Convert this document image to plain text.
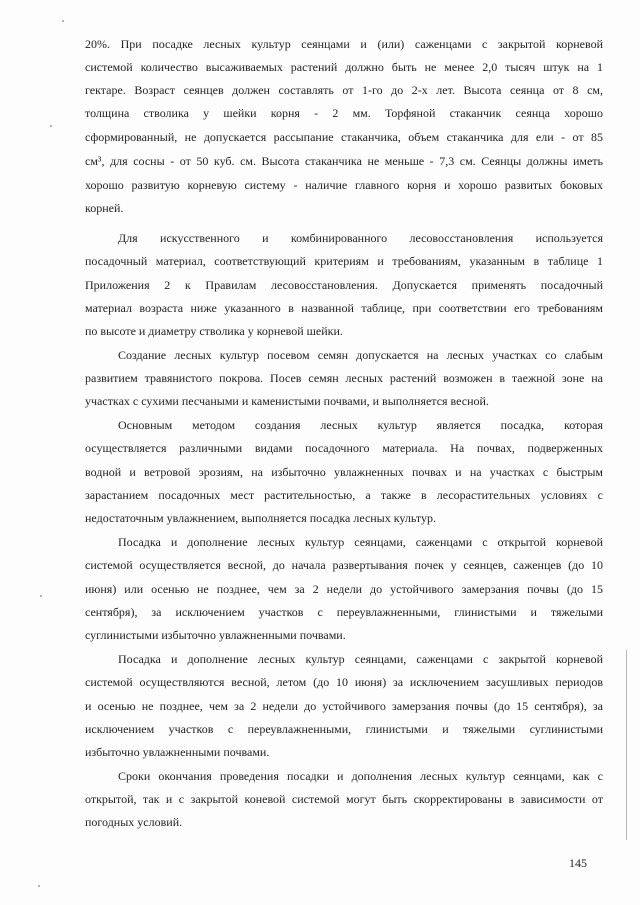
20%. При посадке лесных культур сеянцами и (или) саженцами с закрытой корневой
системой количество высаживаемых растений должно быть не менее 2,0 тысяч штук на 1
гектаре. Возраст сеянцев должен составлять от 1-го до 2-х лет. Высота сеянца от 8 см,
толщина стволика у шейки корня - 2 мм. Торфяной стаканчик сеянца хорошо
сформированный, не допускается рассыпание стаканчика, объем стаканчика для ели - от 85
см³, для сосны - от 50 куб. см. Высота стаканчика не меньше - 7,3 см. Сеянцы должны иметь
хорошо развитую корневую систему - наличие главного корня и хорошо развитых боковых
корней.
Для искусственного и комбинированного лесовосстановления используется
посадочный материал, соответствующий критериям и требованиям, указанным в таблице 1
Приложения 2 к Правилам лесовосстановления. Допускается применять посадочный
материал возраста ниже указанного в названной таблице, при соответствии его требованиям
по высоте и диаметру стволика у корневой шейки.
Создание лесных культур посевом семян допускается на лесных участках со слабым
развитием травянистого покрова. Посев семян лесных растений возможен в таежной зоне на
участках с сухими песчаными и каменистыми почвами, и выполняется весной.
Основным методом создания лесных культур является посадка, которая
осуществляется различными видами посадочного материала. На почвах, подверженных
водной и ветровой эрозиям, на избыточно увлажненных почвах и на участках с быстрым
зарастанием посадочных мест растительностью, а также в лесорастительных условиях с
недостаточным увлажнением, выполняется посадка лесных культур.
Посадка и дополнение лесных культур сеянцами, саженцами с открытой корневой
системой осуществляется весной, до начала развертывания почек у сеянцев, саженцев (до 10
июня) или осенью не позднее, чем за 2 недели до устойчивого замерзания почвы (до 15
сентября), за исключением участков с переувлажненными, глинистыми и тяжелыми
суглинистыми избыточно увлажненными почвами.
Посадка и дополнение лесных культур сеянцами, саженцами с закрытой корневой
системой осуществляются весной, летом (до 10 июня) за исключением засушливых периодов
и осенью не позднее, чем за 2 недели до устойчивого замерзания почвы (до 15 сентября), за
исключением участков с переувлажненными, глинистыми и тяжелыми суглинистыми
избыточно увлажненными почвами.
Сроки окончания проведения посадки и дополнения лесных культур сеянцами, как с
открытой, так и с закрытой коневой системой могут быть скорректированы в зависимости от
погодных условий.
145
